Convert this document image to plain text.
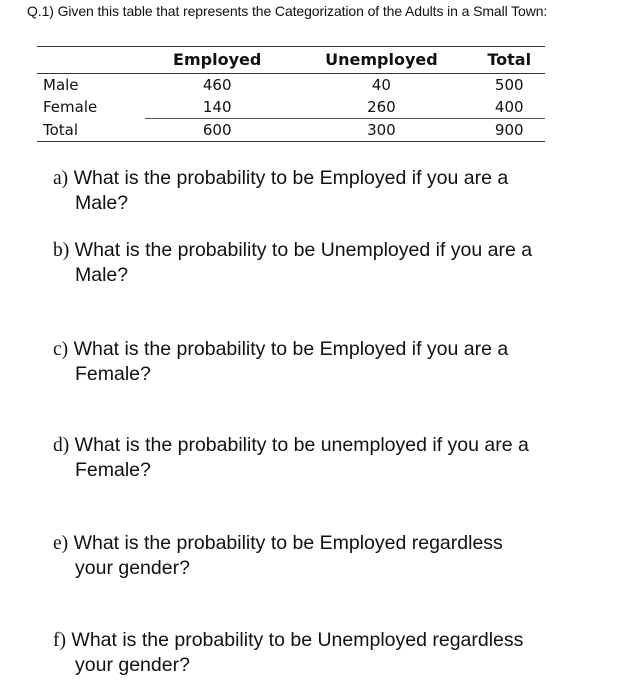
Q.1) Given this table that represents the Categorization of the Adults in a Small Town:
	Employed	Unemployed	Total
Male	460	40	500
Female	140	260	400
Total	600	300	900
a) What is the probability to be Employed if you are a
Male?
b) What is the probability to be Unemployed if you are a
Male?
c) What is the probability to be Employed if you are a
Female?
d) What is the probability to be unemployed if you are a
Female?
e) What is the probability to be Employed regardless
your gender?
f) What is the probability to be Unemployed regardless
your gender?
